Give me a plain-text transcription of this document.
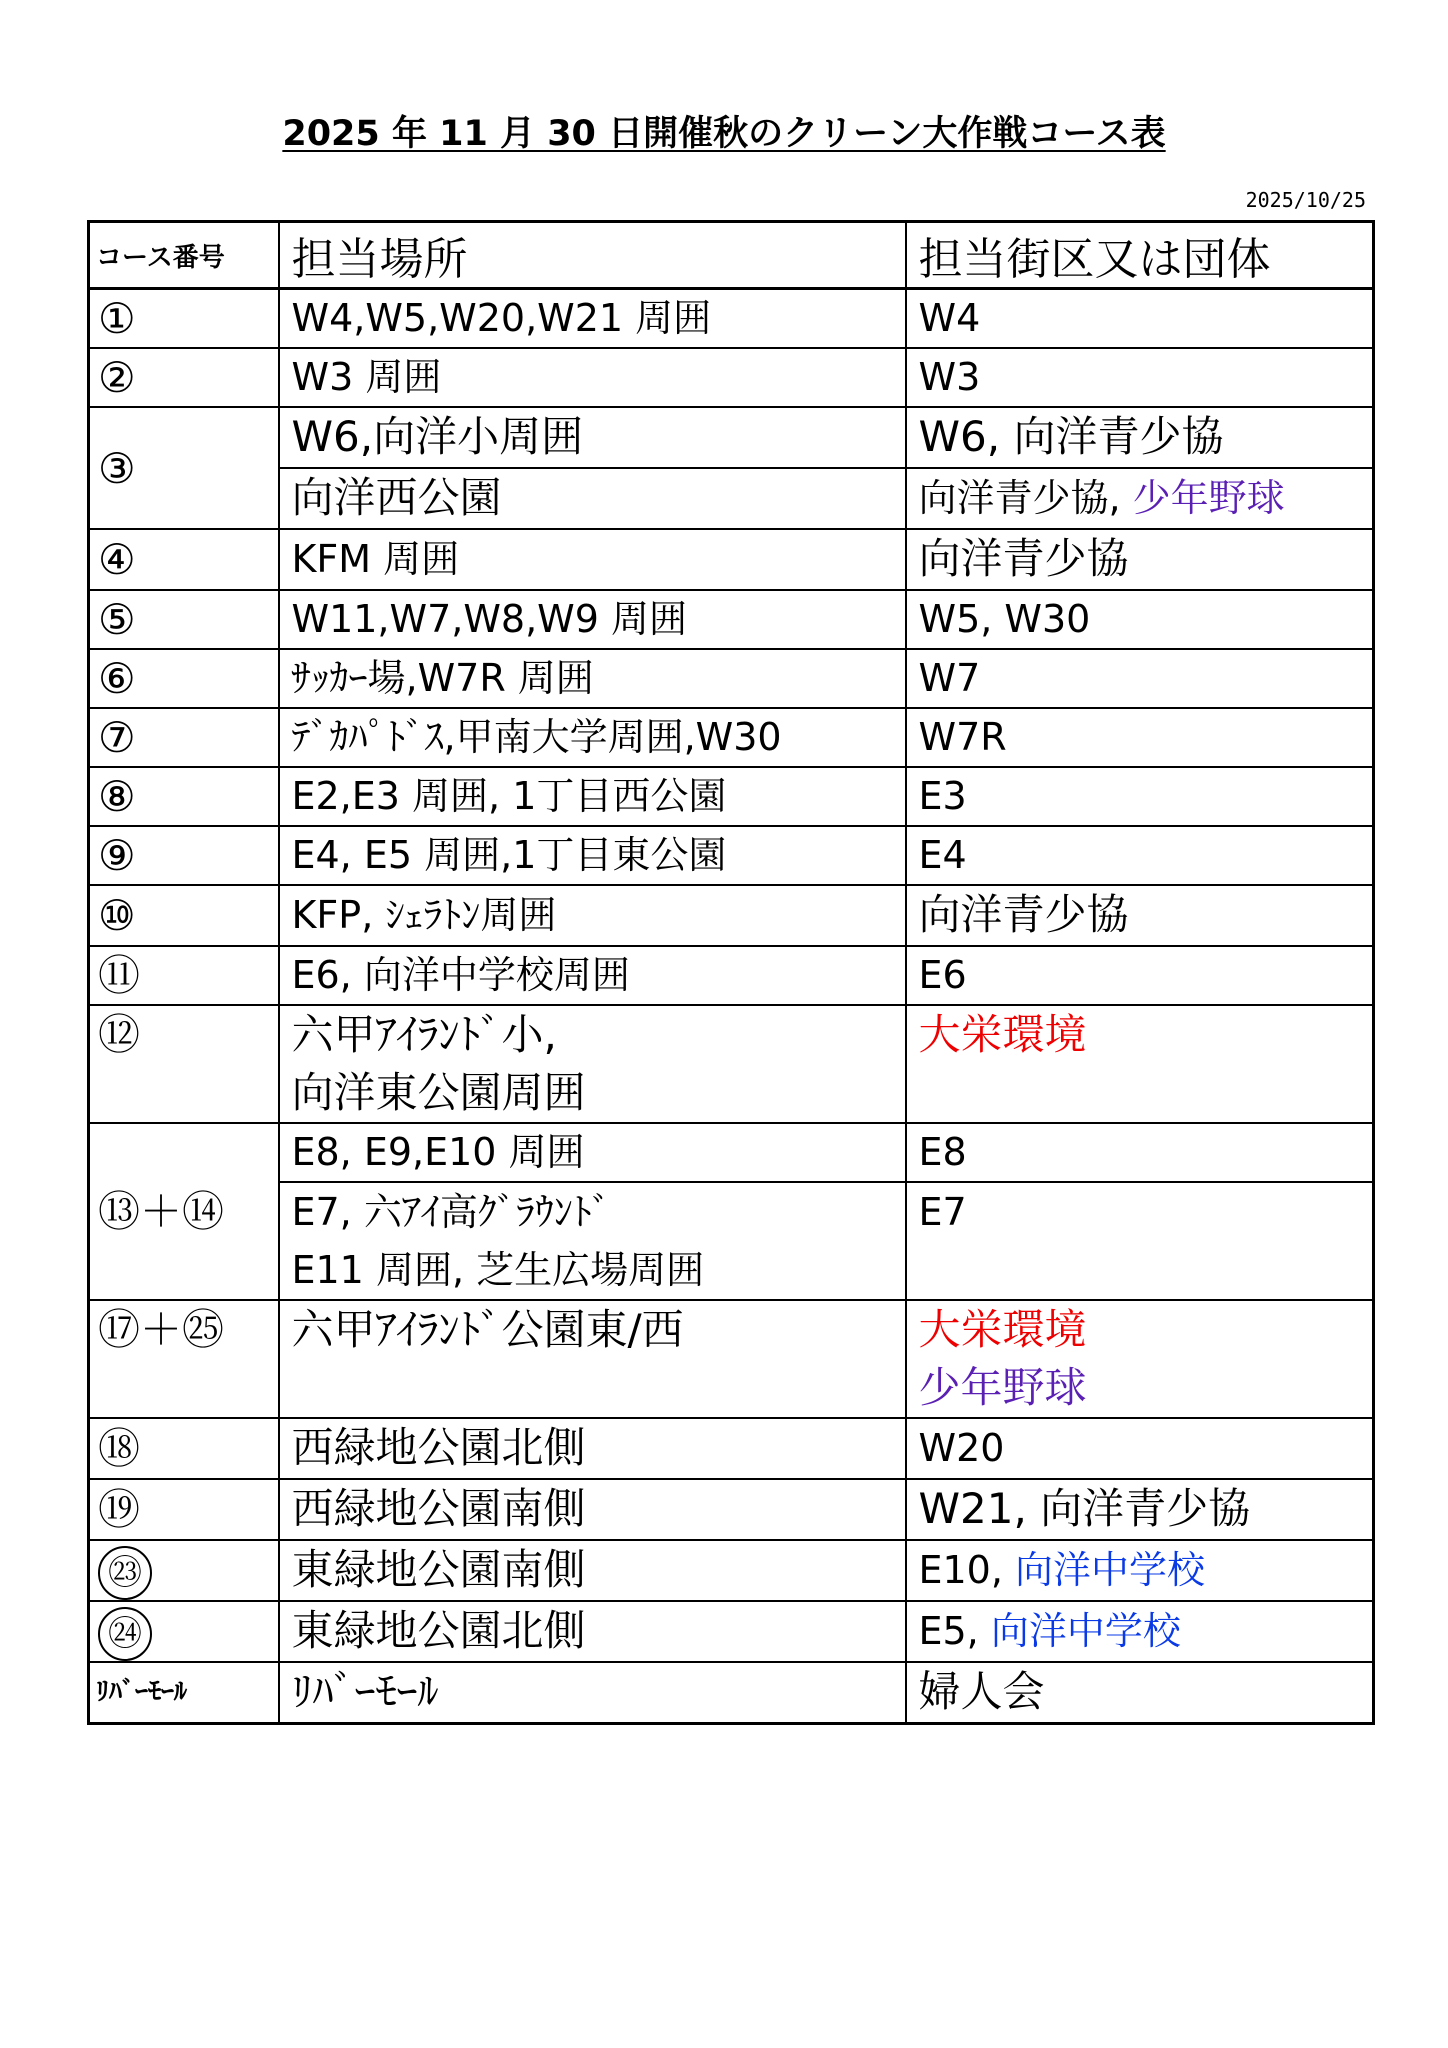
2025 年 11 月 30 日開催秋のクリーン大作戦コース表
2025/10/25
コース番号	担当場所	担当街区又は団体
①	W4,W5,W20,W21 周囲	W4
②	W3 周囲	W3
③	W6,向洋小周囲	W6, 向洋青少協
	向洋西公園	向洋青少協, 少年野球
④	KFM 周囲	向洋青少協
⑤	W11,W7,W8,W9 周囲	W5, W30
⑥	ｻｯｶｰ場,W7R 周囲	W7
⑦	ﾃﾞｶﾊﾟﾄﾞｽ,甲南大学周囲,W30	W7R
⑧	E2,E3 周囲, 1丁目西公園	E3
⑨	E4, E5 周囲,1丁目東公園	E4
⑩	KFP, ｼｪﾗﾄﾝ周囲	向洋青少協
⑪	E6, 向洋中学校周囲	E6
⑫	六甲ｱｲﾗﾝﾄﾞ小,
向洋東公園周囲	大栄環境

⑬＋⑭	E8, E9,E10 周囲	E8

	E7, 六ｱｲ高ｸﾞﾗｳﾝﾄﾞ
E11 周囲, 芝生広場周囲	E7

⑰＋㉕	六甲ｱｲﾗﾝﾄﾞ公園東/西	大栄環境
少年野球

⑱	西緑地公園北側	W20
⑲	西緑地公園南側	W21, 向洋青少協
㉓	東緑地公園南側	E10, 向洋中学校
㉔	東緑地公園北側	E5, 向洋中学校
ﾘﾊﾞｰﾓｰﾙ	ﾘﾊﾞｰﾓｰﾙ	婦人会
